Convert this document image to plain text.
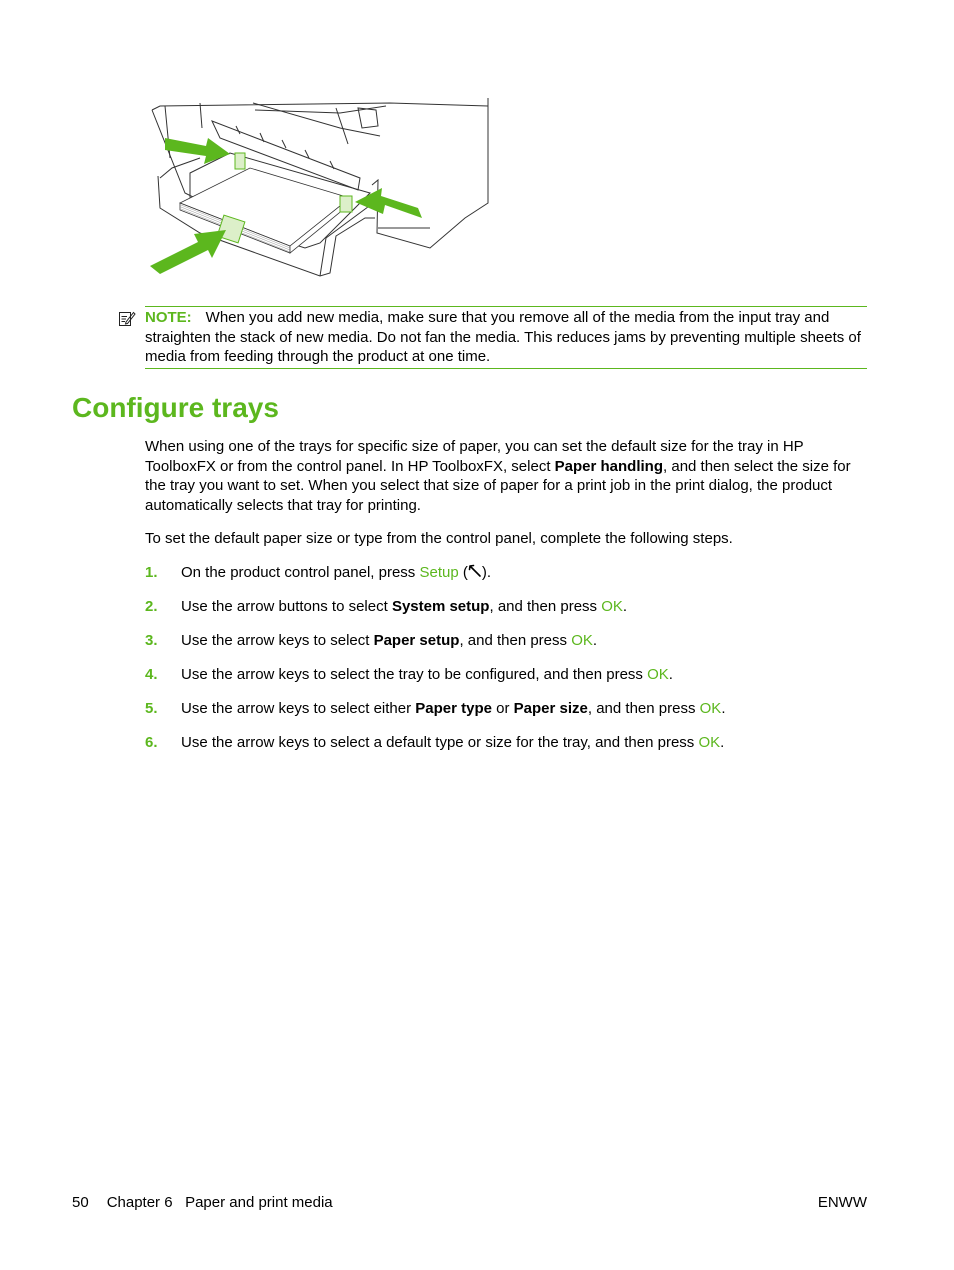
NOTE: When you add new media, make sure that you remove all of the media from the input tray and straighten the stack of new media. Do not fan the media. This reduces jams by preventing multiple sheets of media from feeding through the product at one time.
Configure trays

When using one of the trays for specific size of paper, you can set the default size for the tray in HP ToolboxFX or from the control panel. In HP ToolboxFX, select Paper handling, and then select the size for the tray you want to set. When you select that size of paper for a print job in the print dialog, the product automatically selects that tray for printing.

To set the default paper size or type from the control panel, complete the following steps.

1. On the product control panel, press Setup ( ).
2. Use the arrow buttons to select System setup, and then press OK.
3. Use the arrow keys to select Paper setup, and then press OK.
4. Use the arrow keys to select the tray to be configured, and then press OK.
5. Use the arrow keys to select either Paper type or Paper size, and then press OK.
6. Use the arrow keys to select a default type or size for the tray, and then press OK.
50 Chapter 6   Paper and print media	ENWW
